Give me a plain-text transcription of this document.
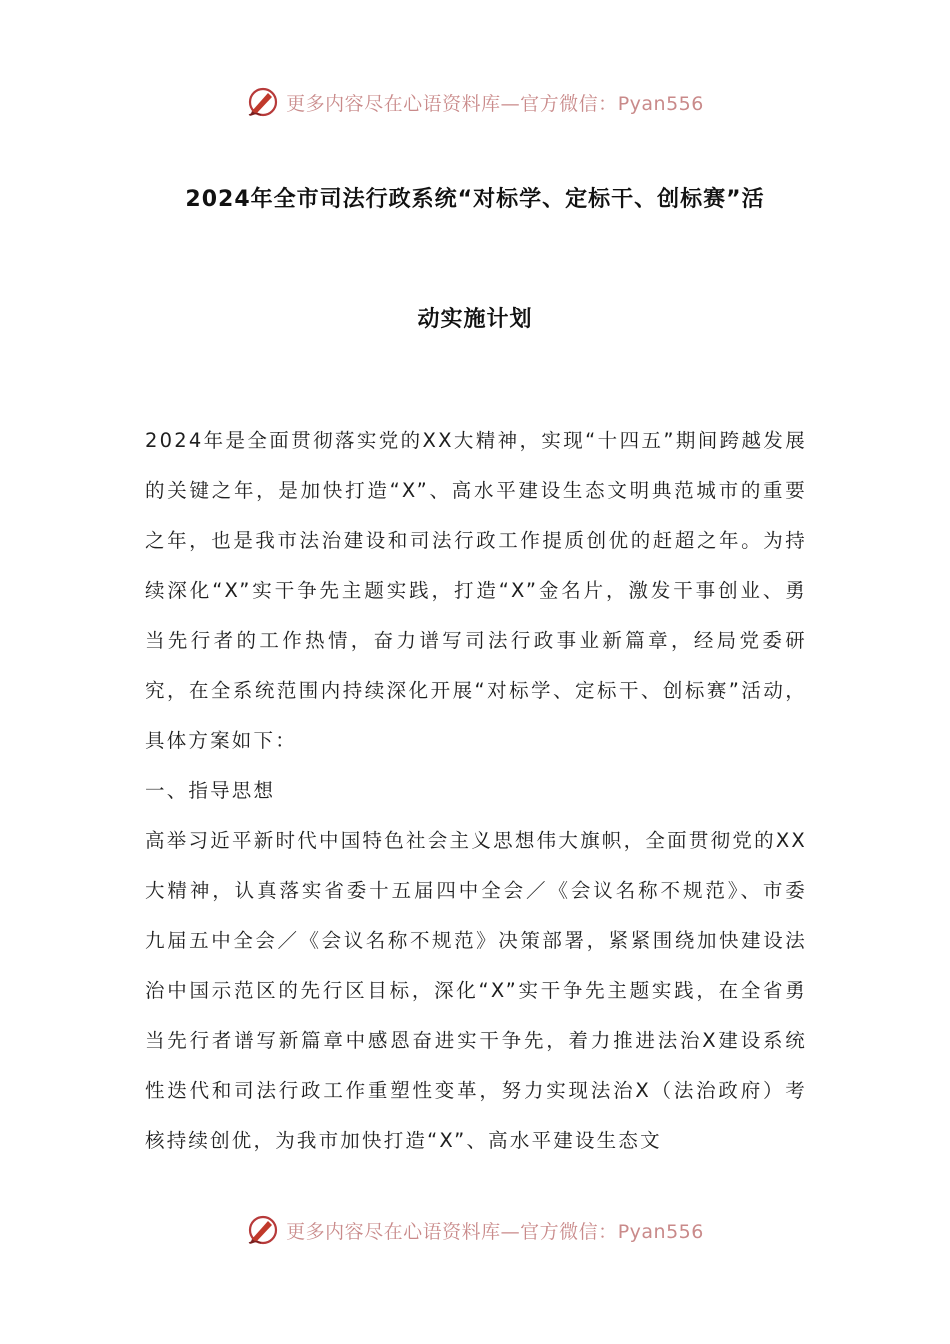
更多内容尽在心语资料库—官方微信：Pyan556
2024年全市司法行政系统“对标学、定标干、创标赛”活
动实施计划

2024年是全面贯彻落实党的XX大精神，实现“十四五”期间跨越发展的关键之年，是加快打造“X”、高水平建设生态文明典范城市的重要之年，也是我市法治建设和司法行政工作提质创优的赶超之年。为持续深化“X”实干争先主题实践，打造“X”金名片，激发干事创业、勇当先行者的工作热情，奋力谱写司法行政事业新篇章，经局党委研究，在全系统范围内持续深化开展“对标学、定标干、创标赛”活动，具体方案如下：

一、指导思想

高举习近平新时代中国特色社会主义思想伟大旗帜，全面贯彻党的XX大精神，认真落实省委十五届四中全会／《会议名称不规范》、市委九届五中全会／《会议名称不规范》决策部署，紧紧围绕加快建设法治中国示范区的先行区目标，深化“X”实干争先主题实践，在全省勇当先行者谱写新篇章中感恩奋进实干争先，着力推进法治X建设系统性迭代和司法行政工作重塑性变革，努力实现法治X（法治政府）考核持续创优，为我市加快打造“X”、高水平建设生态文

更多内容尽在心语资料库—官方微信：Pyan556
